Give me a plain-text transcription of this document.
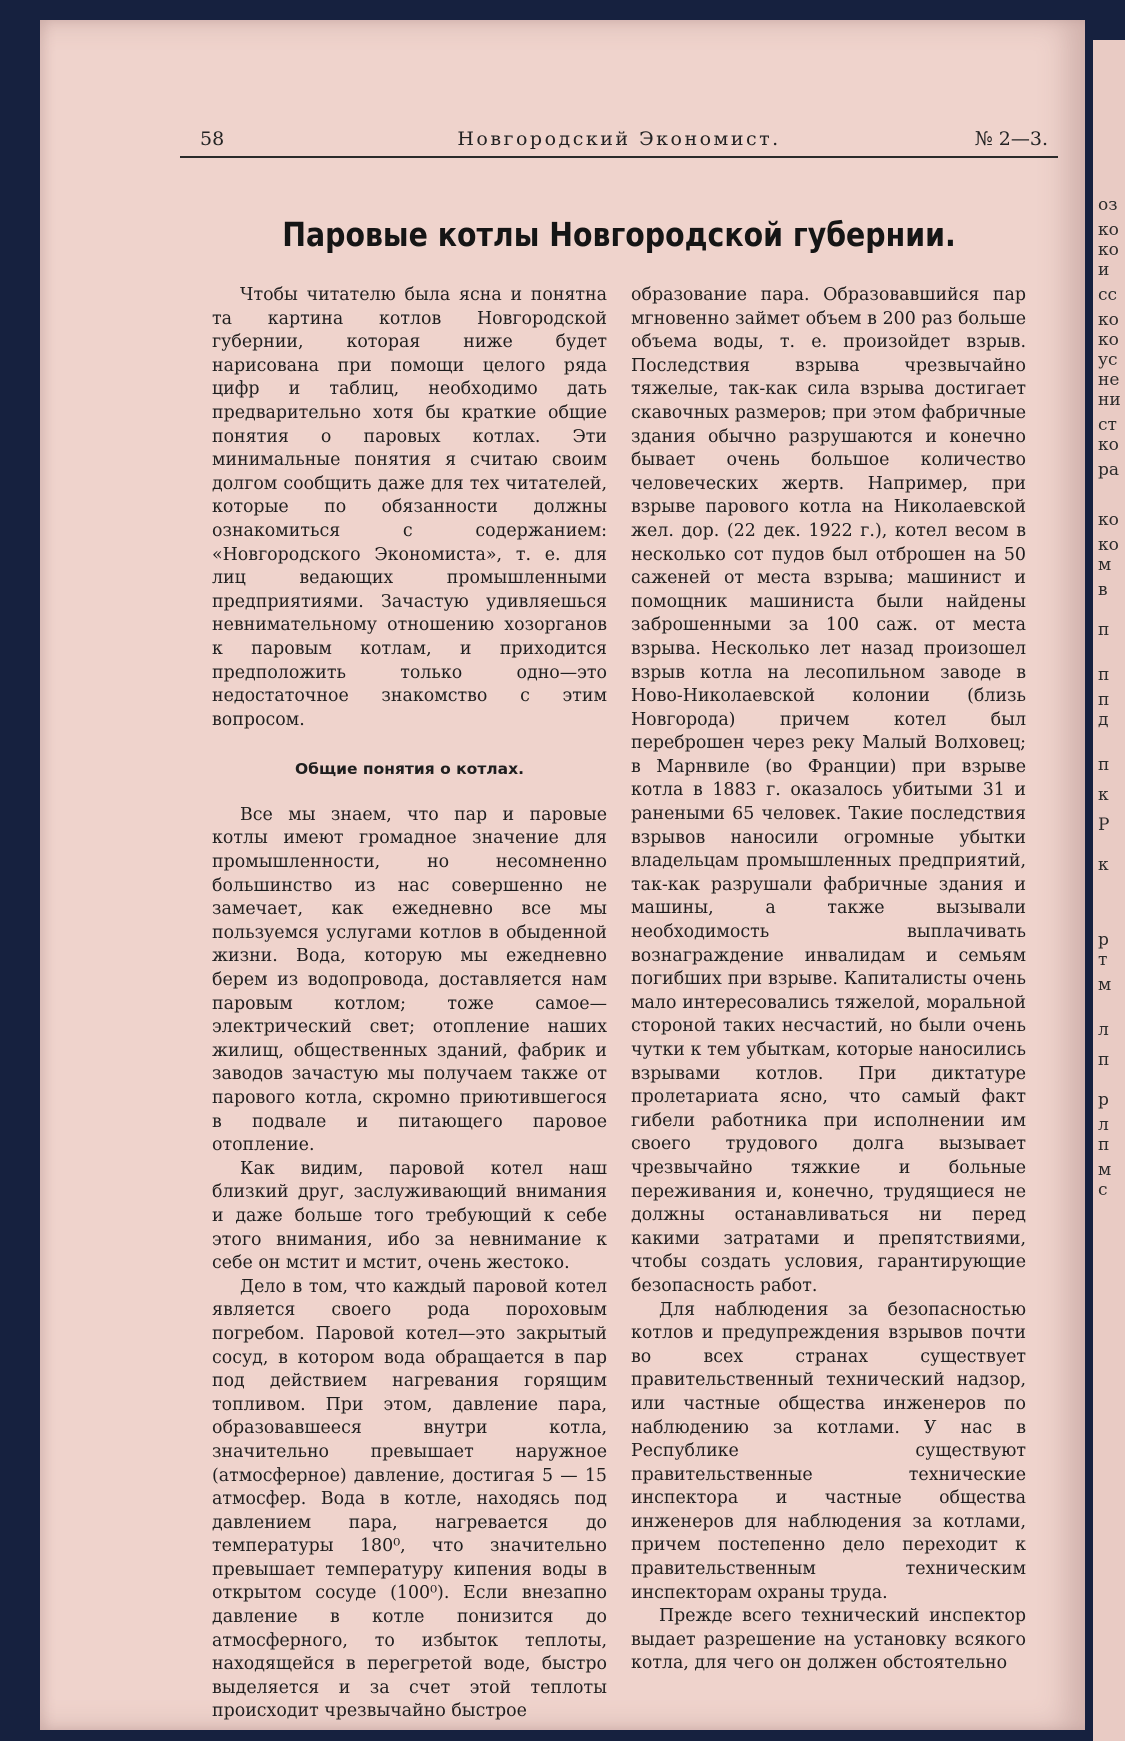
оз
ко
ко
и
сс
ко
ко
ус
не
ни
ст
ко
ра
ко
ко
м
в
п
п
п
д
п
к
Р
к
р
т
м
л
п
р
л
п
м
с
58	Новгородский Экономист.	№ 2—3.
Паровые котлы Новгородской губернии.

Чтобы читателю была ясна и понятна та картина котлов Новгородской губернии, которая ниже будет нарисована при помощи целого ряда цифр и таблиц, необходимо дать предварительно хотя бы краткие общие понятия о паровых котлах. Эти минимальные понятия я считаю своим долгом сообщить даже для тех читателей, которые по обязанности должны ознакомиться с содержанием: «Новгородского Экономиста», т. е. для лиц ведающих промышленными предприятиями. Зачастую удивляешься невнимательному отношению хозорганов к паровым котлам, и приходится предположить только одно—это недостаточное знакомство с этим вопросом.

Общие понятия о котлах.

Все мы знаем, что пар и паровые котлы имеют громадное значение для промышленности, но несомненно большинство из нас совершенно не замечает, как ежедневно все мы пользуемся услугами котлов в обыденной жизни. Вода, которую мы ежедневно берем из водопровода, доставляется нам паровым котлом; тоже самое—электрический свет; отопление наших жилищ, общественных зданий, фабрик и заводов зачастую мы получаем также от парового котла, скромно приютившегося в подвале и питающего паровое отопление.

Как видим, паровой котел наш близкий друг, заслуживающий внимания и даже больше того требующий к себе этого внимания, ибо за невнимание к себе он мстит и мстит, очень жестоко.

Дело в том, что каждый паровой котел является своего рода пороховым погребом. Паровой котел—это закрытый сосуд, в котором вода обращается в пар под действием нагревания горящим топливом. При этом, давление пара, образовавшееся внутри котла, значительно превышает наружное (атмосферное) давление, достигая 5 — 15 атмосфер. Вода в котле, находясь под давлением пара, нагревается до температуры 180⁰, что значительно превышает температуру кипения воды в открытом сосуде (100⁰). Если внезапно давление в котле понизится до атмосферного, то избыток теплоты, находящейся в перегретой воде, быстро выделяется и за счет этой теплоты происходит чрезвычайно быстрое

образование пара. Образовавшийся пар мгновенно займет объем в 200 раз больше объема воды, т. е. произойдет взрыв. Последствия взрыва чрезвычайно тяжелые, так-как сила взрыва достигает скавочных размеров; при этом фабричные здания обычно разрушаются и конечно бывает очень большое количество человеческих жертв. Например, при взрыве парового котла на Николаевской жел. дор. (22 дек. 1922 г.), котел весом в несколько сот пудов был отброшен на 50 саженей от места взрыва; машинист и помощник машиниста были найдены заброшенными за 100 саж. от места взрыва. Несколько лет назад произошел взрыв котла на лесопильном заводе в Ново-Николаевской колонии (близь Новгорода) причем котел был переброшен через реку Малый Волховец; в Марнвиле (во Франции) при взрыве котла в 1883 г. оказалось убитыми 31 и ранеными 65 человек. Такие последствия взрывов наносили огромные убытки владельцам промышленных предприятий, так-как разрушали фабричные здания и машины, а также вызывали необходимость выплачивать вознаграждение инвалидам и семьям погибших при взрыве. Капиталисты очень мало интересовались тяжелой, моральной стороной таких несчастий, но были очень чутки к тем убыткам, которые наносились взрывами котлов. При диктатуре пролетариата ясно, что самый факт гибели работника при исполнении им своего трудового долга вызывает чрезвычайно тяжкие и больные переживания и, конечно, трудящиеся не должны останавливаться ни перед какими затратами и препятствиями, чтобы создать условия, гарантирующие безопасность работ.

Для наблюдения за безопасностью котлов и предупреждения взрывов почти во всех странах существует правительственный технический надзор, или частные общества инженеров по наблюдению за котлами. У нас в Республике существуют правительственные технические инспектора и частные общества инженеров для наблюдения за котлами, причем постепенно дело переходит к правительственным техническим инспекторам охраны труда.

Прежде всего технический инспектор выдает разрешение на установку всякого котла, для чего он должен обстоятельно
